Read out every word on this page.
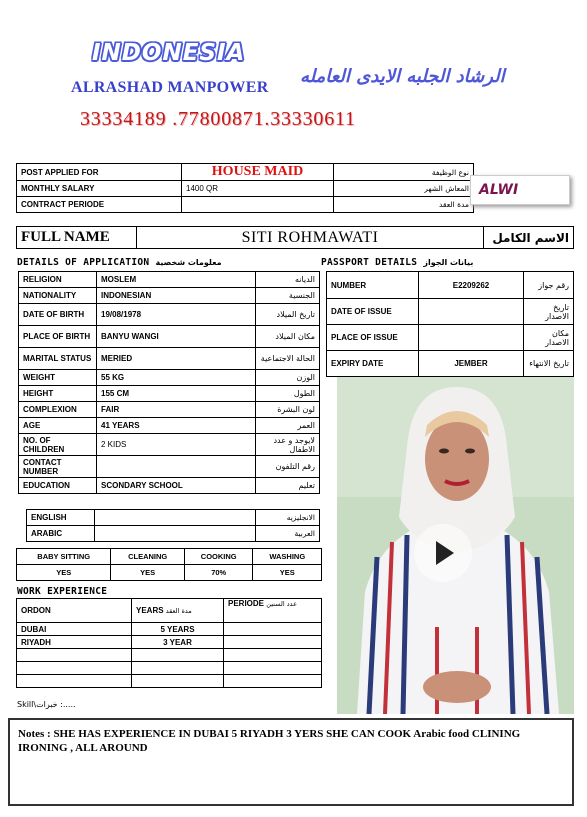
INDONESIA
ALRASHAD MANPOWER
الرشاد الجلبه الايدى العامله
33334189 .77800871.33330611
POST APPLIED FOR	HOUSE MAID	نوع الوظيفة
MONTHLY SALARY	1400 QR	المعاش الشهر
CONTRACT PERIODE		مدة العقد
ALWI
FULL NAME	SITI ROHMAWATI	الاسم الكامل
DETAILS OF APPLICATION معلومات شخصية
RELIGION	MOSLEM	الديانه
NATIONALITY	INDONESIAN	الجنسية
DATE OF BIRTH	19/08/1978	تاريخ الميلاد
PLACE OF BIRTH	BANYU WANGI	مكان الميلاد
MARITAL STATUS	MERIED	الحالة الاجتماعية
WEIGHT	55 KG	الوزن
HEIGHT	155 CM	الطول
COMPLEXION	FAIR	لون البشرة
AGE	41 YEARS	العمر
NO. OF CHILDREN	2 KIDS	لايوجد و عدد الاطفال
CONTACT NUMBER		رقم التلفون
EDUCATION	SCONDARY SCHOOL	تعليم
ENGLISH		الانجليزيه
ARABIC		العربية
BABY SITTING	CLEANING	COOKING	WASHING
YES	YES	70%	YES
WORK EXPERIENCE
ORDON	YEARS مدة العقد	PERIODE عدد السنين
DUBAI	5 YEARS	
RIYADH	3 YEAR	

PASSPORT DETAILS بيانات الجواز
NUMBER	E2209262	رقم جواز
DATE OF ISSUE		تاريخ الاصدار
PLACE OF ISSUE		مكان الاصدار
EXPIRY DATE	JEMBER	تاريخ الانتهاء
Skill\خبرات :.....
Notes : SHE HAS EXPERIENCE IN DUBAI 5 RIYADH 3 YERS SHE CAN COOK Arabic food CLINING IRONING , ALL AROUND
